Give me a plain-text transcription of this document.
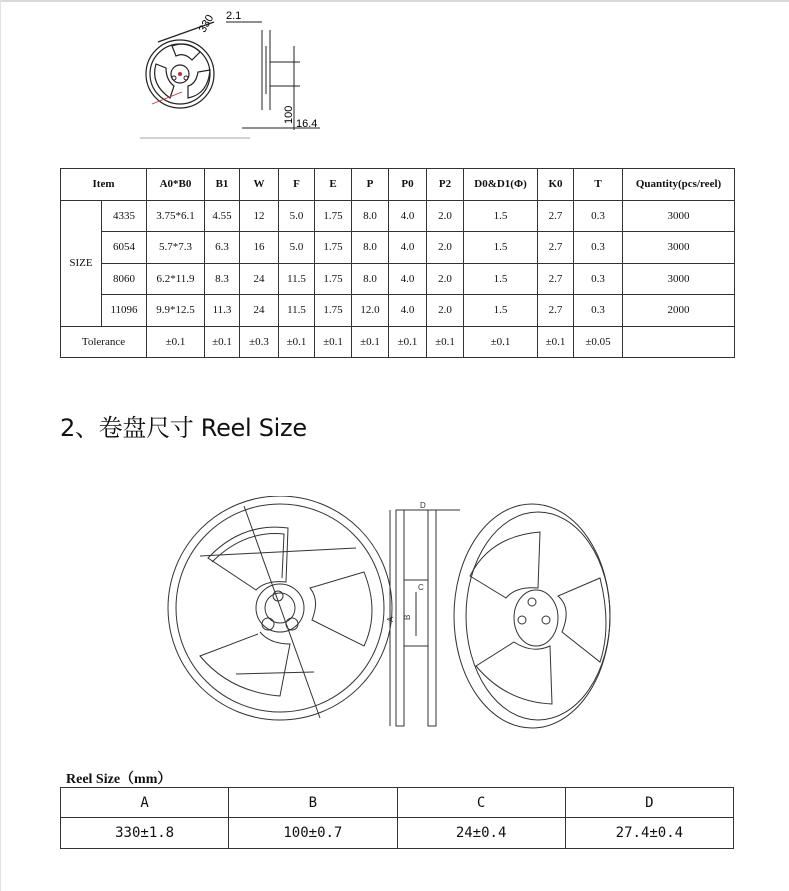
330 2.1
100 16.4
Item		A0*B0	B1	W	F	E	P	P0	P2	D0&D1(Φ)	K0	T	Quantity(pcs/reel)
SIZE	4335	3.75*6.1	4.55	12	5.0	1.75	8.0	4.0	2.0	1.5	2.7	0.3	3000
	6054	5.7*7.3	6.3	16	5.0	1.75	8.0	4.0	2.0	1.5	2.7	0.3	3000
	8060	6.2*11.9	8.3	24	11.5	1.75	8.0	4.0	2.0	1.5	2.7	0.3	3000
	11096	9.9*12.5	11.3	24	11.5	1.75	12.0	4.0	2.0	1.5	2.7	0.3	2000
Tolerance		±0.1	±0.1	±0.3	±0.1	±0.1	±0.1	±0.1	±0.1	±0.1	±0.1	±0.05	
2、卷盘尺寸 Reel Size
A B
D
C
Reel Size（mm）
A	B	C	D
330±1.8	100±0.7	24±0.4	27.4±0.4
